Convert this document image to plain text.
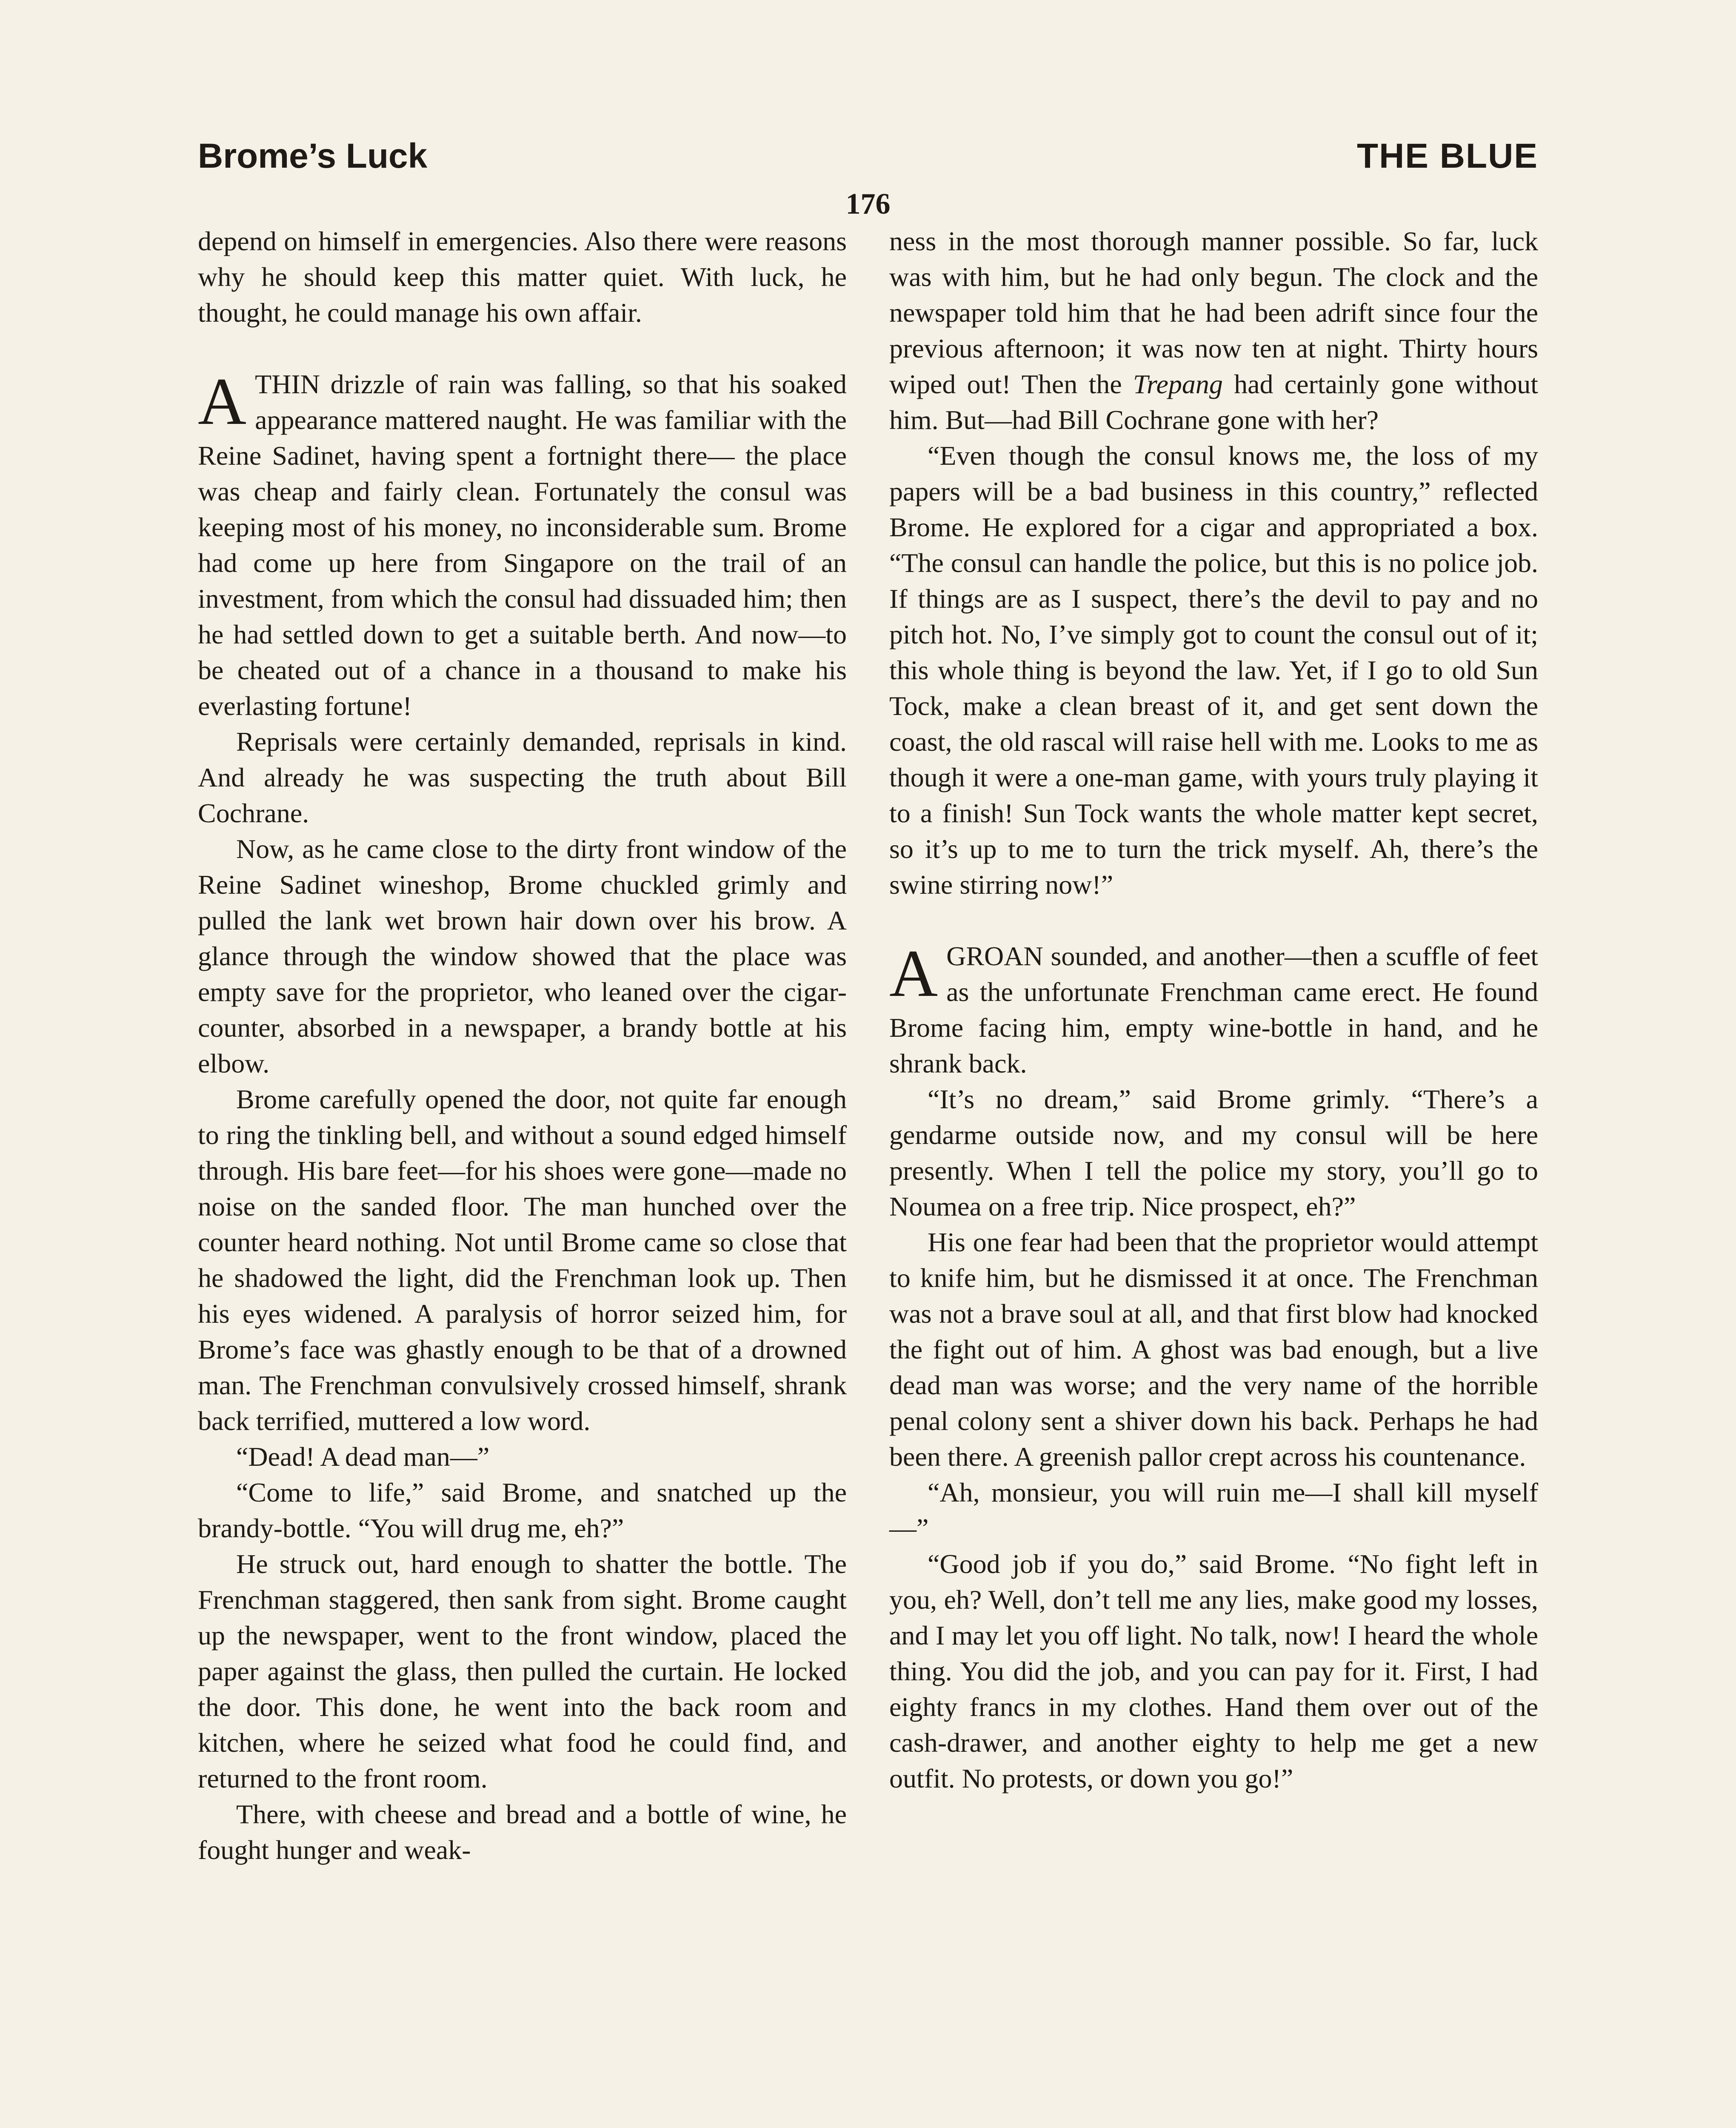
Brome’s Luck	THE BLUE
176

depend on himself in emergencies. Also there were reasons why he should keep this matter quiet. With luck, he thought, he could manage his own affair.

ATHIN drizzle of rain was falling, so that his soaked appearance mattered naught. He was familiar with the Reine Sadinet, having spent a fortnight there— the place was cheap and fairly clean. Fortunately the consul was keeping most of his money, no inconsiderable sum. Brome had come up here from Singapore on the trail of an investment, from which the consul had dissuaded him; then he had settled down to get a suitable berth. And now—to be cheated out of a chance in a thousand to make his everlasting fortune!

Reprisals were certainly demanded, reprisals in kind. And already he was suspecting the truth about Bill Cochrane.

Now, as he came close to the dirty front window of the Reine Sadinet wineshop, Brome chuckled grimly and pulled the lank wet brown hair down over his brow. A glance through the window showed that the place was empty save for the proprietor, who leaned over the cigar-counter, absorbed in a newspaper, a brandy bottle at his elbow.

Brome carefully opened the door, not quite far enough to ring the tinkling bell, and without a sound edged himself through. His bare feet—for his shoes were gone—made no noise on the sanded floor. The man hunched over the counter heard nothing. Not until Brome came so close that he shadowed the light, did the Frenchman look up. Then his eyes widened. A paralysis of horror seized him, for Brome’s face was ghastly enough to be that of a drowned man. The Frenchman convulsively crossed himself, shrank back terrified, muttered a low word.

“Dead! A dead man—”

“Come to life,” said Brome, and snatched up the brandy-bottle. “You will drug me, eh?”

He struck out, hard enough to shatter the bottle. The Frenchman staggered, then sank from sight. Brome caught up the newspaper, went to the front window, placed the paper against the glass, then pulled the curtain. He locked the door. This done, he went into the back room and kitchen, where he seized what food he could find, and returned to the front room.

There, with cheese and bread and a bottle of wine, he fought hunger and weak-

ness in the most thorough manner possible. So far, luck was with him, but he had only begun. The clock and the newspaper told him that he had been adrift since four the previous afternoon; it was now ten at night. Thirty hours wiped out! Then the Trepang had certainly gone without him. But—had Bill Cochrane gone with her?

“Even though the consul knows me, the loss of my papers will be a bad business in this country,” reflected Brome. He explored for a cigar and appropriated a box. “The consul can handle the police, but this is no police job. If things are as I suspect, there’s the devil to pay and no pitch hot. No, I’ve simply got to count the consul out of it; this whole thing is beyond the law. Yet, if I go to old Sun Tock, make a clean breast of it, and get sent down the coast, the old rascal will raise hell with me. Looks to me as though it were a one-man game, with yours truly playing it to a finish! Sun Tock wants the whole matter kept secret, so it’s up to me to turn the trick myself. Ah, there’s the swine stirring now!”

AGROAN sounded, and another—then a scuffle of feet as the unfortunate Frenchman came erect. He found Brome facing him, empty wine-bottle in hand, and he shrank back.

“It’s no dream,” said Brome grimly. “There’s a gendarme outside now, and my consul will be here presently. When I tell the police my story, you’ll go to Noumea on a free trip. Nice prospect, eh?”

His one fear had been that the proprietor would attempt to knife him, but he dismissed it at once. The Frenchman was not a brave soul at all, and that first blow had knocked the fight out of him. A ghost was bad enough, but a live dead man was worse; and the very name of the horrible penal colony sent a shiver down his back. Perhaps he had been there. A greenish pallor crept across his countenance.

“Ah, monsieur, you will ruin me—I shall kill myself—”

“Good job if you do,” said Brome. “No fight left in you, eh? Well, don’t tell me any lies, make good my losses, and I may let you off light. No talk, now! I heard the whole thing. You did the job, and you can pay for it. First, I had eighty francs in my clothes. Hand them over out of the cash-drawer, and another eighty to help me get a new outfit. No protests, or down you go!”
